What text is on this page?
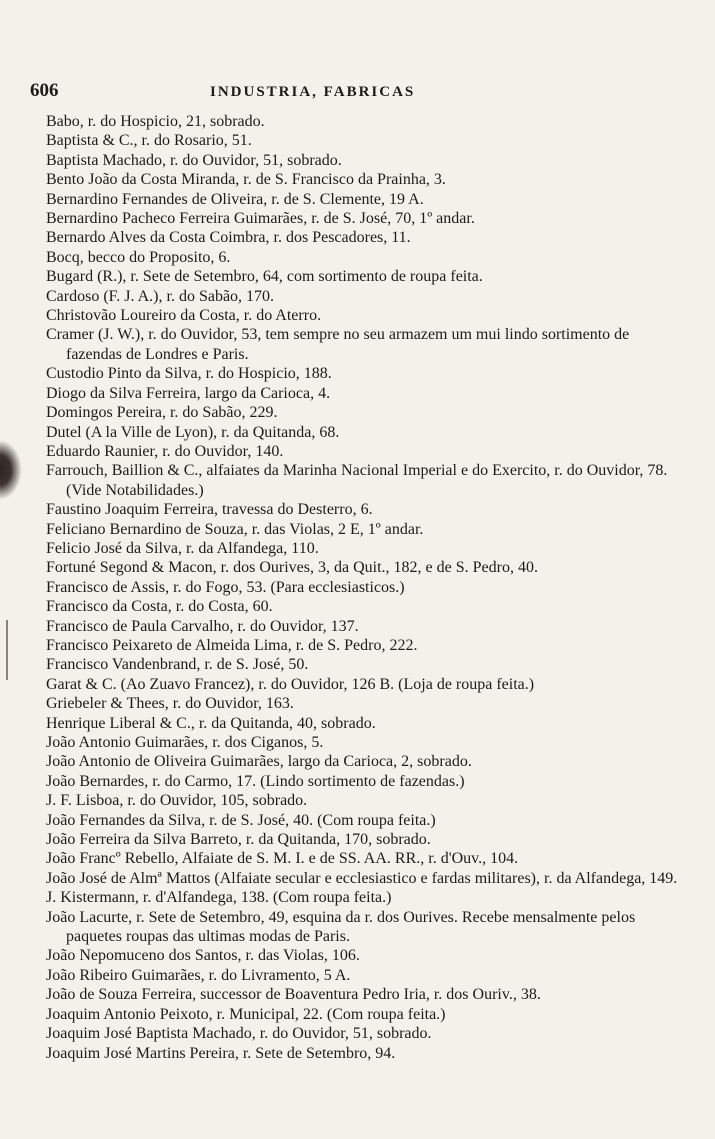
606	INDUSTRIA, FABRICAS
Babo, r. do Hospicio, 21, sobrado.
Baptista & C., r. do Rosario, 51.
Baptista Machado, r. do Ouvidor, 51, sobrado.
Bento João da Costa Miranda, r. de S. Francisco da Prainha, 3.
Bernardino Fernandes de Oliveira, r. de S. Clemente, 19 A.
Bernardino Pacheco Ferreira Guimarães, r. de S. José, 70, 1º andar.
Bernardo Alves da Costa Coimbra, r. dos Pescadores, 11.
Bocq, becco do Proposito, 6.
Bugard (R.), r. Sete de Setembro, 64, com sortimento de roupa feita.
Cardoso (F. J. A.), r. do Sabão, 170.
Christovão Loureiro da Costa, r. do Aterro.
Cramer (J. W.), r. do Ouvidor, 53, tem sempre no seu armazem um mui lindo sortimento de fazendas de Londres e Paris.
Custodio Pinto da Silva, r. do Hospicio, 188.
Diogo da Silva Ferreira, largo da Carioca, 4.
Domingos Pereira, r. do Sabão, 229.
Dutel (A la Ville de Lyon), r. da Quitanda, 68.
Eduardo Raunier, r. do Ouvidor, 140.
Farrouch, Baillion & C., alfaiates da Marinha Nacional Imperial e do Exercito, r. do Ouvidor, 78. (Vide Notabilidades.)
Faustino Joaquim Ferreira, travessa do Desterro, 6.
Feliciano Bernardino de Souza, r. das Violas, 2 E, 1º andar.
Felicio José da Silva, r. da Alfandega, 110.
Fortuné Segond & Macon, r. dos Ourives, 3, da Quit., 182, e de S. Pedro, 40.
Francisco de Assis, r. do Fogo, 53. (Para ecclesiasticos.)
Francisco da Costa, r. do Costa, 60.
Francisco de Paula Carvalho, r. do Ouvidor, 137.
Francisco Peixareto de Almeida Lima, r. de S. Pedro, 222.
Francisco Vandenbrand, r. de S. José, 50.
Garat & C. (Ao Zuavo Francez), r. do Ouvidor, 126 B. (Loja de roupa feita.)
Griebeler & Thees, r. do Ouvidor, 163.
Henrique Liberal & C., r. da Quitanda, 40, sobrado.
João Antonio Guimarães, r. dos Ciganos, 5.
João Antonio de Oliveira Guimarães, largo da Carioca, 2, sobrado.
João Bernardes, r. do Carmo, 17. (Lindo sortimento de fazendas.)
J. F. Lisboa, r. do Ouvidor, 105, sobrado.
João Fernandes da Silva, r. de S. José, 40. (Com roupa feita.)
João Ferreira da Silva Barreto, r. da Quitanda, 170, sobrado.
João Francº Rebello, Alfaiate de S. M. I. e de SS. AA. RR., r. d'Ouv., 104.
João José de Almª Mattos (Alfaiate secular e ecclesiastico e fardas militares), r. da Alfandega, 149.
J. Kistermann, r. d'Alfandega, 138. (Com roupa feita.)
João Lacurte, r. Sete de Setembro, 49, esquina da r. dos Ourives. Recebe mensalmente pelos paquetes roupas das ultimas modas de Paris.
João Nepomuceno dos Santos, r. das Violas, 106.
João Ribeiro Guimarães, r. do Livramento, 5 A.
João de Souza Ferreira, successor de Boaventura Pedro Iria, r. dos Ouriv., 38.
Joaquim Antonio Peixoto, r. Municipal, 22. (Com roupa feita.)
Joaquim José Baptista Machado, r. do Ouvidor, 51, sobrado.
Joaquim José Martins Pereira, r. Sete de Setembro, 94.
